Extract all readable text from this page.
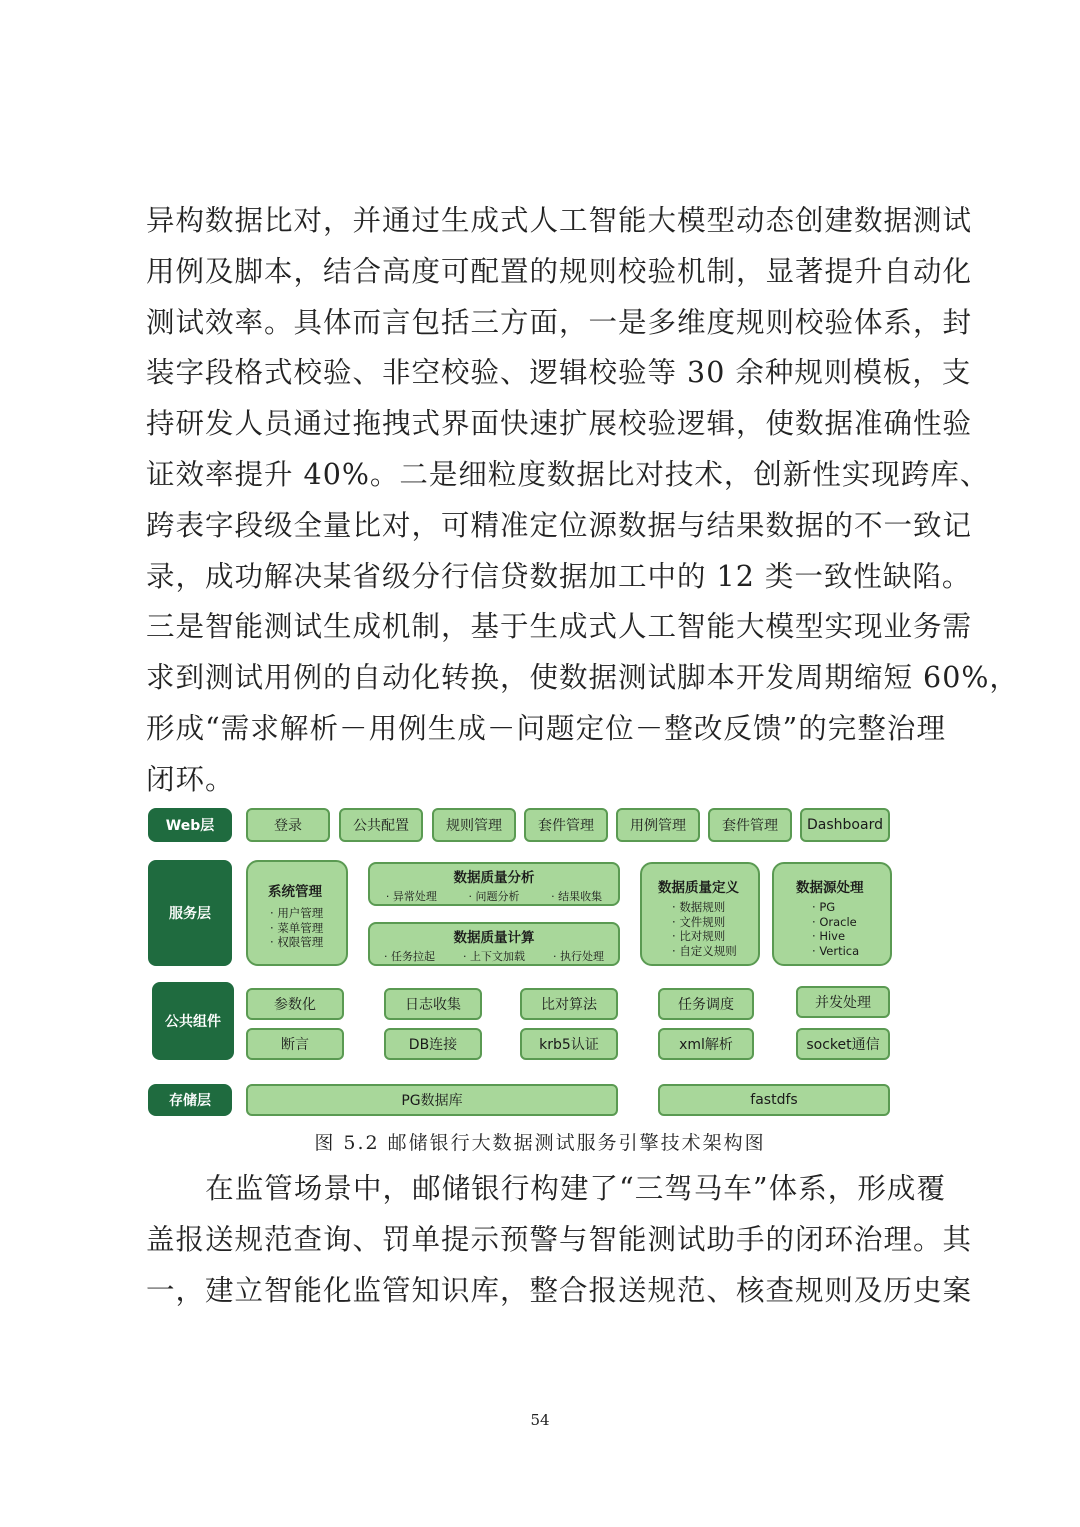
异构数据比对，并通过生成式人工智能大模型动态创建数据测试
用例及脚本，结合高度可配置的规则校验机制，显著提升自动化
测试效率。具体而言包括三方面，一是多维度规则校验体系，封
装字段格式校验、非空校验、逻辑校验等 30 余种规则模板，支
持研发人员通过拖拽式界面快速扩展校验逻辑，使数据准确性验
证效率提升 40%。二是细粒度数据比对技术，创新性实现跨库、
跨表字段级全量比对，可精准定位源数据与结果数据的不一致记
录，成功解决某省级分行信贷数据加工中的 12 类一致性缺陷。
三是智能测试生成机制，基于生成式人工智能大模型实现业务需
求到测试用例的自动化转换，使数据测试脚本开发周期缩短 60%，
形成“需求解析－用例生成－问题定位－整改反馈”的完整治理
闭环。
Web层	登录	公共配置	规则管理	套件管理	用例管理	套件管理	Dashboard
服务层
系统管理
· 用户管理
· 菜单管理
· 权限管理
数据质量分析
· 异常处理	· 问题分析	· 结果收集
数据质量计算
· 任务拉起	· 上下文加载	· 执行处理
数据质量定义
· 数据规则
· 文件规则
· 比对规则
· 自定义规则
数据源处理
· PG
· Oracle
· Hive
· Vertica
公共组件
参数化	日志收集	比对算法	任务调度	并发处理
断言	DB连接	krb5认证	xml解析	socket通信
存储层	PG数据库	fastdfs
图 5.2 邮储银行大数据测试服务引擎技术架构图
　　在监管场景中，邮储银行构建了“三驾马车”体系，形成覆
盖报送规范查询、罚单提示预警与智能测试助手的闭环治理。其
一，建立智能化监管知识库，整合报送规范、核查规则及历史案
54
